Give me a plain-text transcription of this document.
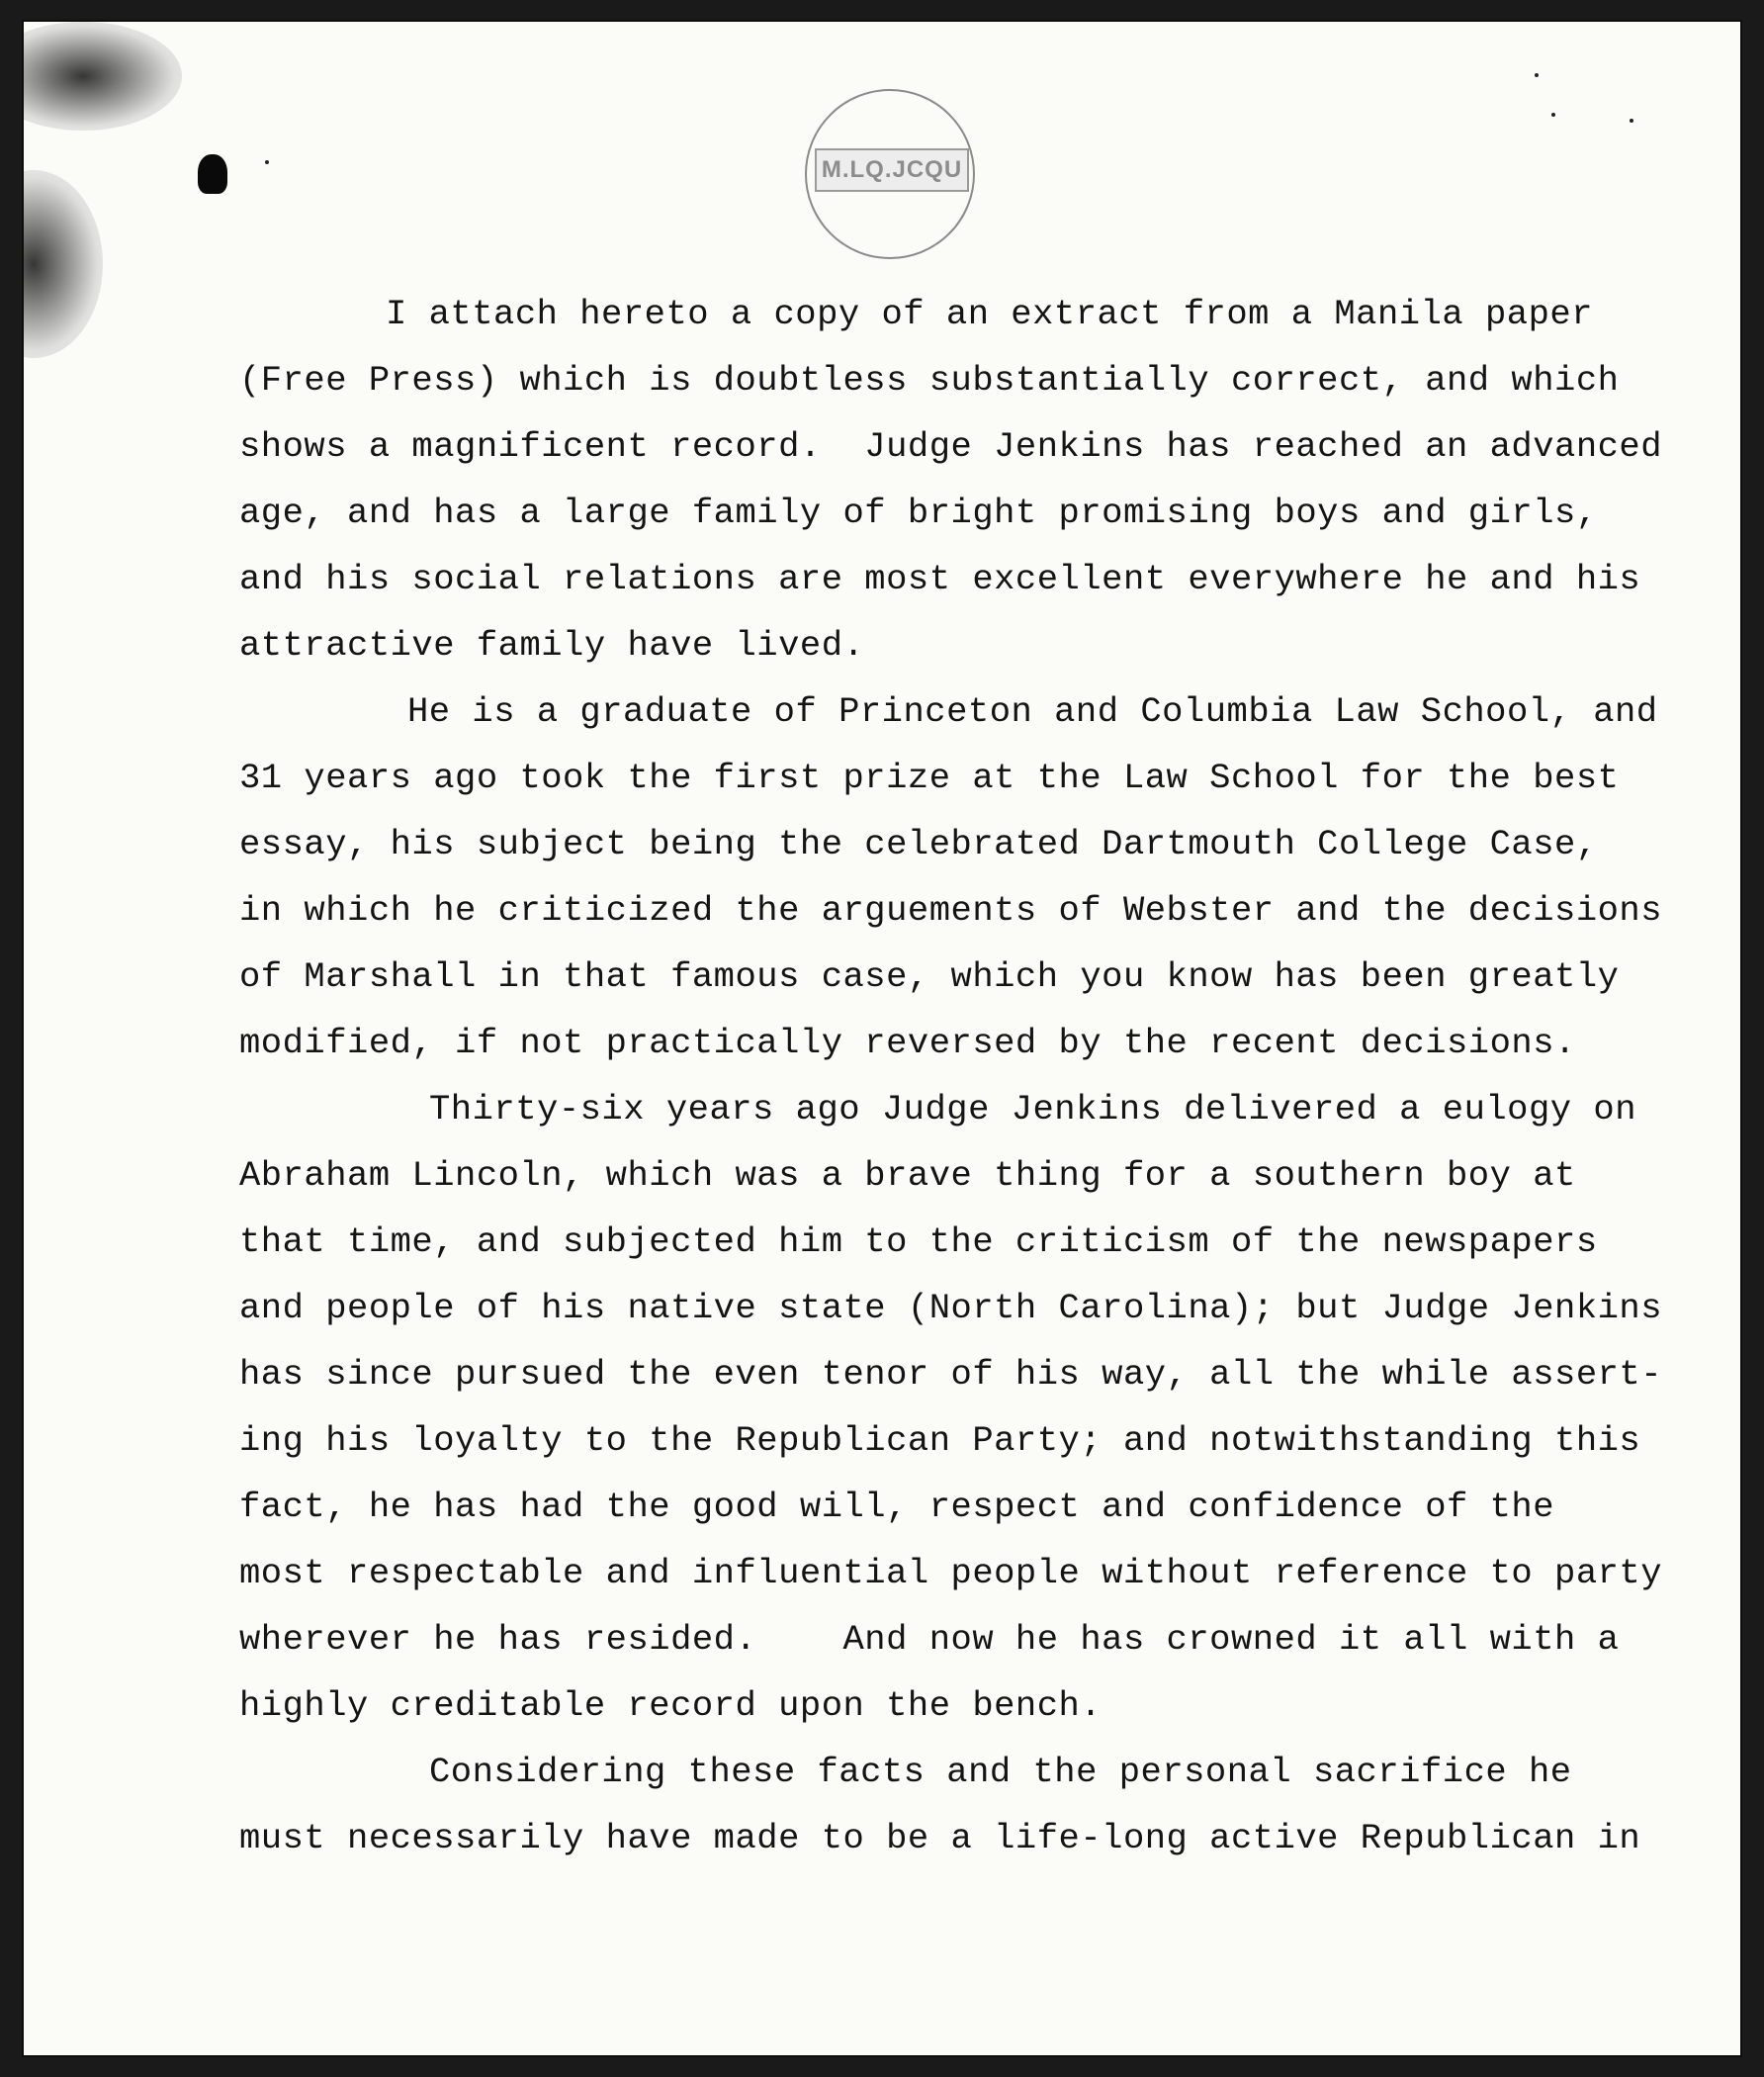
M.LQ.JCQU
I attach hereto a copy of an extract from a Manila paper
(Free Press) which is doubtless substantially correct, and which
shows a magnificent record.  Judge Jenkins has reached an advanced
age, and has a large family of bright promising boys and girls,
and his social relations are most excellent everywhere he and his
attractive family have lived.
He is a graduate of Princeton and Columbia Law School, and
31 years ago took the first prize at the Law School for the best
essay, his subject being the celebrated Dartmouth College Case,
in which he criticized the arguements of Webster and the decisions
of Marshall in that famous case, which you know has been greatly
modified, if not practically reversed by the recent decisions.
Thirty-six years ago Judge Jenkins delivered a eulogy on
Abraham Lincoln, which was a brave thing for a southern boy at
that time, and subjected him to the criticism of the newspapers
and people of his native state (North Carolina); but Judge Jenkins
has since pursued the even tenor of his way, all the while assert-
ing his loyalty to the Republican Party; and notwithstanding this
fact, he has had the good will, respect and confidence of the
most respectable and influential people without reference to party
wherever he has resided.    And now he has crowned it all with a
highly creditable record upon the bench.
Considering these facts and the personal sacrifice he
must necessarily have made to be a life-long active Republican in
